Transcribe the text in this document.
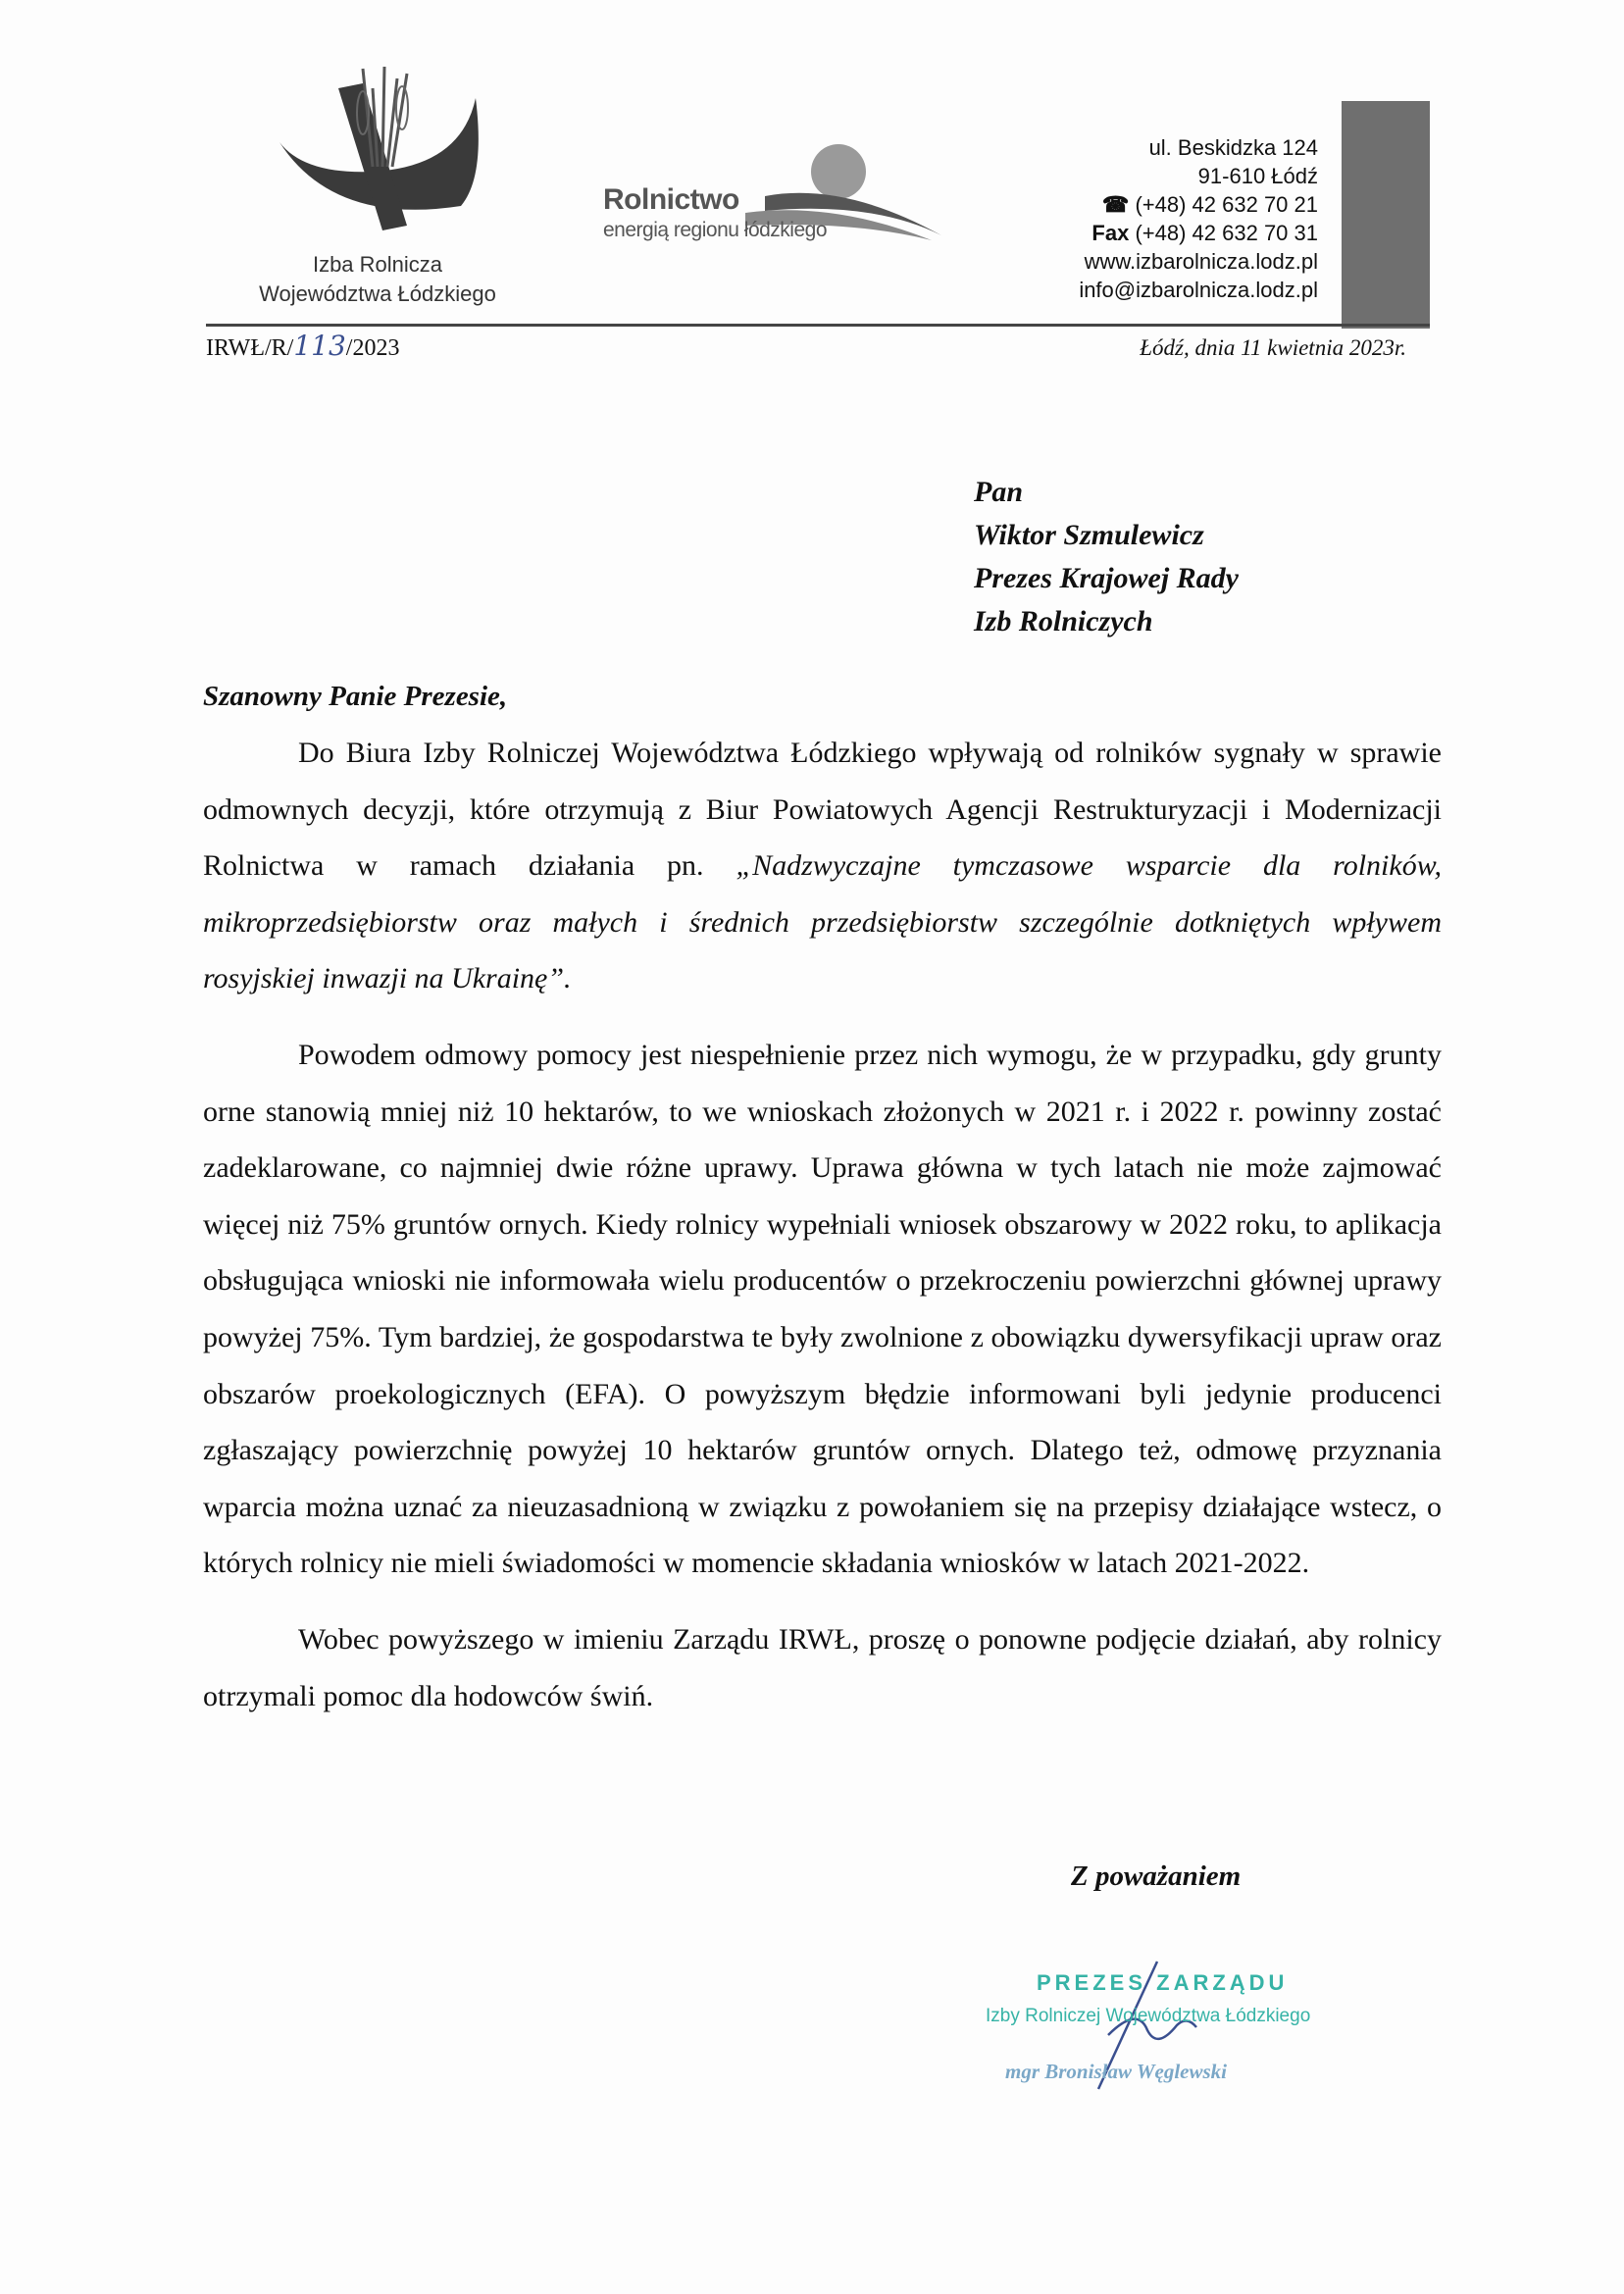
Izba Rolnicza
Województwa Łódzkiego
Rolnictwo
energią regionu łódzkiego
ul. Beskidzka 124
91-610 Łódź
☎ (+48) 42 632 70 21
Fax (+48) 42 632 70 31
www.izbarolnicza.lodz.pl
info@izbarolnicza.lodz.pl
IRWŁ/R/113/2023	Łódź, dnia 11 kwietnia 2023r.
Pan
Wiktor Szmulewicz
Prezes Krajowej Rady
Izb Rolniczych
Szanowny Panie Prezesie,

Do Biura Izby Rolniczej Województwa Łódzkiego wpływają od rolników sygnały w sprawie odmownych decyzji, które otrzymują z Biur Powiatowych Agencji Restrukturyzacji i Modernizacji Rolnictwa w ramach działania pn. „Nadzwyczajne tymczasowe wsparcie dla rolników, mikroprzedsiębiorstw oraz małych i średnich przedsiębiorstw szczególnie dotkniętych wpływem rosyjskiej inwazji na Ukrainę”.

Powodem odmowy pomocy jest niespełnienie przez nich wymogu, że w przypadku, gdy grunty orne stanowią mniej niż 10 hektarów, to we wnioskach złożonych w 2021 r. i 2022 r. powinny zostać zadeklarowane, co najmniej dwie różne uprawy. Uprawa główna w tych latach nie może zajmować więcej niż 75% gruntów ornych. Kiedy rolnicy wypełniali wniosek obszarowy w 2022 roku, to aplikacja obsługująca wnioski nie informowała wielu producentów o przekroczeniu powierzchni głównej uprawy powyżej 75%. Tym bardziej, że gospodarstwa te były zwolnione z obowiązku dywersyfikacji upraw oraz obszarów proekologicznych (EFA). O powyższym błędzie informowani byli jedynie producenci zgłaszający powierzchnię powyżej 10 hektarów gruntów ornych. Dlatego też, odmowę przyznania wparcia można uznać za nieuzasadnioną w związku z powołaniem się na przepisy działające wstecz, o których rolnicy nie mieli świadomości w momencie składania wniosków w latach 2021-2022.

Wobec powyższego w imieniu Zarządu IRWŁ, proszę o ponowne podjęcie działań, aby rolnicy otrzymali pomoc dla hodowców świń.

Z poważaniem
PREZES ZARZĄDU
Izby Rolniczej Województwa Łódzkiego
mgr Bronisław Węglewski
